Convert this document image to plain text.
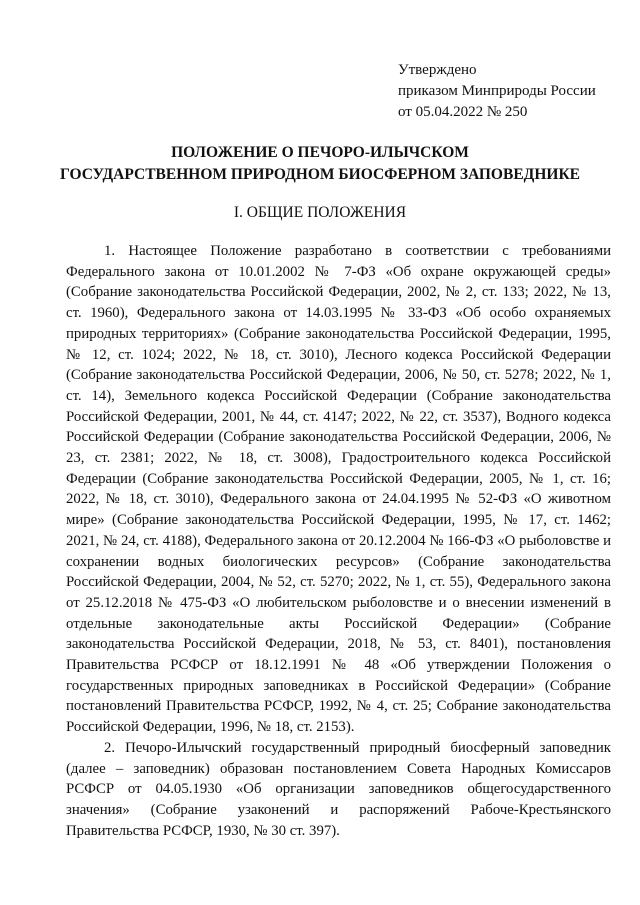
Утверждено
приказом Минприроды России
от 05.04.2022 № 250
ПОЛОЖЕНИЕ О ПЕЧОРО-ИЛЫЧСКОМ
ГОСУДАРСТВЕННОМ ПРИРОДНОМ БИОСФЕРНОМ ЗАПОВЕДНИКЕ
I. ОБЩИЕ ПОЛОЖЕНИЯ

1. Настоящее Положение разработано в соответствии с требованиями Федерального закона от 10.01.2002 № 7-ФЗ «Об охране окружающей среды» (Собрание законодательства Российской Федерации, 2002, № 2, ст. 133; 2022, № 13, ст. 1960), Федерального закона от 14.03.1995 № 33-ФЗ «Об особо охраняемых природных территориях» (Собрание законодательства Российской Федерации, 1995, № 12, ст. 1024; 2022, № 18, ст. 3010), Лесного кодекса Российской Федерации (Собрание законодательства Российской Федерации, 2006, № 50, ст. 5278; 2022, № 1, ст. 14), Земельного кодекса Российской Федерации (Собрание законодательства Российской Федерации, 2001, № 44, ст. 4147; 2022, № 22, ст. 3537), Водного кодекса Российской Федерации (Собрание законодательства Российской Федерации, 2006, № 23, ст. 2381; 2022, № 18, ст. 3008), Градостроительного кодекса Российской Федерации (Собрание законодательства Российской Федерации, 2005, № 1, ст. 16; 2022, № 18, ст. 3010), Федерального закона от 24.04.1995 № 52-ФЗ «О животном мире» (Собрание законодательства Российской Федерации, 1995, № 17, ст. 1462; 2021, № 24, ст. 4188), Федерального закона от 20.12.2004 № 166-ФЗ «О рыболовстве и сохранении водных биологических ресурсов» (Собрание законодательства Российской Федерации, 2004, № 52, ст. 5270; 2022, № 1, ст. 55), Федерального закона от 25.12.2018 № 475-ФЗ «О любительском рыболовстве и о внесении изменений в отдельные законодательные акты Российской Федерации» (Собрание законодательства Российской Федерации, 2018, № 53, ст. 8401), постановления Правительства РСФСР от 18.12.1991 № 48 «Об утверждении Положения о государственных природных заповедниках в Российской Федерации» (Собрание постановлений Правительства РСФСР, 1992, № 4, ст. 25; Собрание законодательства Российской Федерации, 1996, № 18, ст. 2153).

2. Печоро-Илычский государственный природный биосферный заповедник (далее – заповедник) образован постановлением Совета Народных Комиссаров РСФСР от 04.05.1930 «Об организации заповедников общегосударственного значения» (Собрание узаконений и распоряжений Рабоче-Крестьянского Правительства РСФСР, 1930, № 30 ст. 397).
